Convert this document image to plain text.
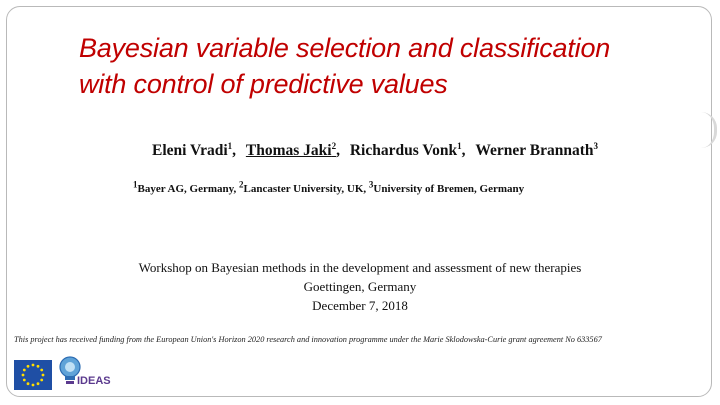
Bayesian variable selection and classification
with control of predictive values
Eleni Vradi$^1$, Thomas Jaki$^2$, Richardus Vonk$^1$, Werner Brannath$^3$
$^1$Bayer AG, Germany, $^2$Lancaster University, UK, $^3$University of Bremen, Germany
Workshop on Bayesian methods in the development and assessment of new therapies
Goettingen, Germany
December 7, 2018
This project has received funding from the European Union's Horizon 2020 research and innovation programme under the Marie Sklodowska-Curie grant agreement No 633567
IDEAS
